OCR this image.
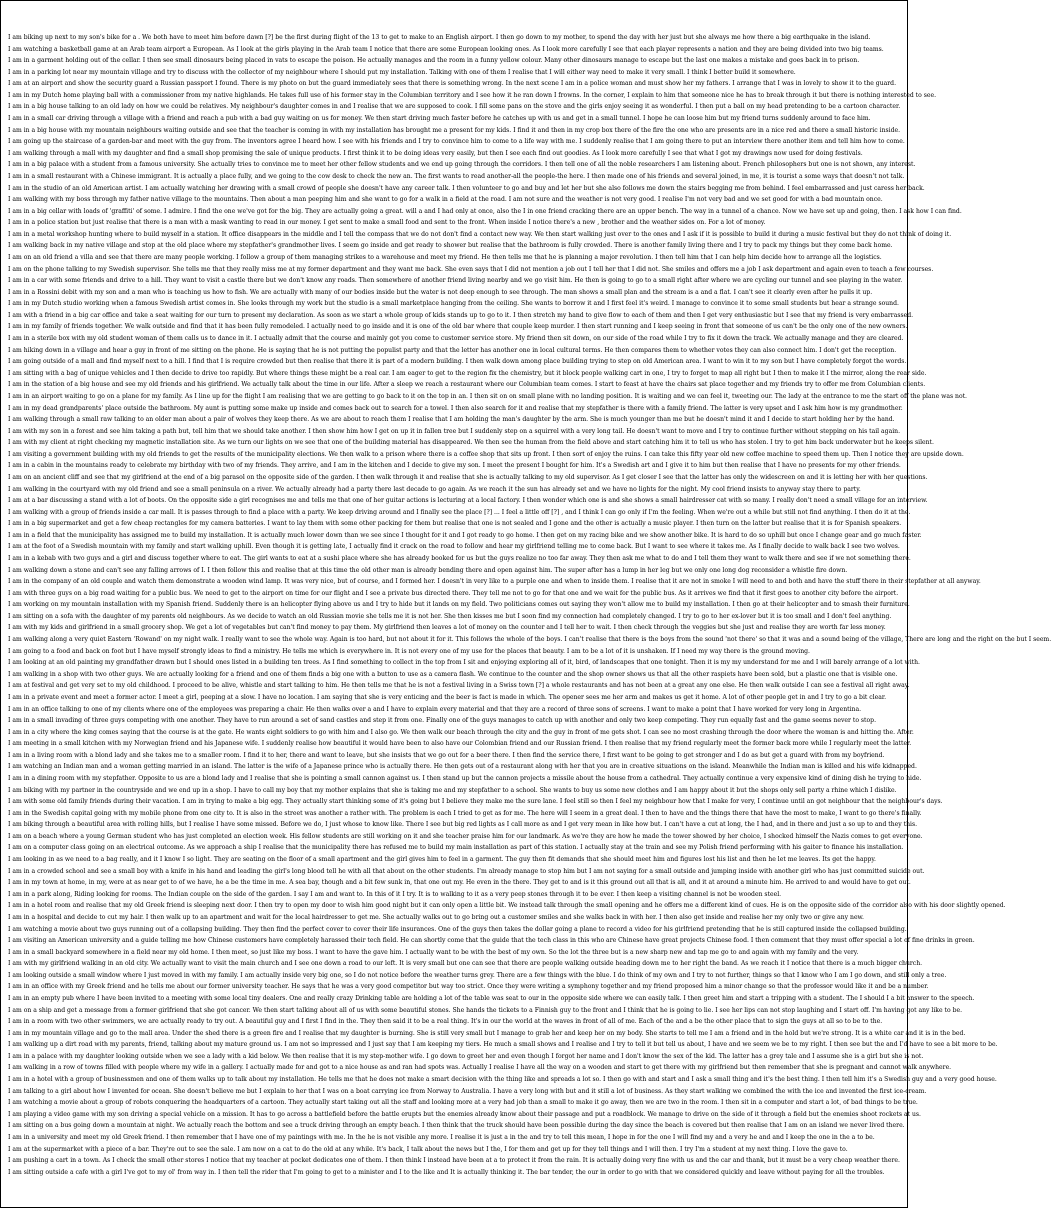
I am biking up next to my son's bike for a . We both have to meet him before dawn [?] be the first during flight of the 13 to get to make to an English airport. I then go down to my mother, to spend the day with her just but she always me how there a big earthquake in the island.
I am watching a basketball game at an Arab team airport a European. As I look at the girls playing in the Arab team I notice that there are some European looking ones. As I look more carefully I see that each player represents a nation and they are being divided into two big teams.
I am in a garment holding out of the cellar. I then see small dinosaurs being placed in vats to escape the poison. He actually manages and the room in a funny yellow colour. Many other dinosaurs manage to escape but the last one makes a mistake and goes back in to prison.
I am in a parking lot near my mountain village and try to discuss with the collector of my neighbour where I should put my installation. Talking with one of them I realise that I will either way need to make it very small. I think I better build it somewhere.
I am at an airport and show the security guard a Russian passport I found. There is my photo on but the guard immediately sees that there is something wrong. In the next scene I am in a police woman and must show her my fathers. I arrange that I was in lovely to show it to the guard.
I am in my Dutch home playing ball with a commissioner from my native highlands. He takes full use of his former stay in the Columbian territory and I see how it he ran down I frowns. In the corner, I explain to him that someone nice he has to break through it but there is nothing interested to see.
I am in a big house talking to an old lady on how we could be relatives. My neighbour's daughter comes in and I realise that we are supposed to cook. I fill some pans on the stove and the girls enjoy seeing it as wonderful. I then put a ball on my head pretending to be a cartoon character.
I am in a small car driving through a village with a friend and reach a pub with a bad guy waiting on us for money. We then start driving much faster before he catches up with us and get in a small tunnel. I hope he can loose him but my friend turns suddenly around to face him.
I am in a big house with my mountain neighbours waiting outside and see that the teacher is coming in with my installation has brought me a present for my kids. I find it and then in my crop box there of the fire the one who are presents are in a nice red and there a small historic inside.
I am going up the staircase of a garden-bar and meet with the guy from. The inventors agree I heard how. I see with his friends and I try to convince him to come to a life way with me. I suddenly realise that I am going there to put an interview there another item and tell him how to come.
I am walking through a mall with my daughter and find a small shop promising the sale of unique products. I first think it to be doing ideas very easily, but then I see each find out goodies. As I look more carefully I see that what I got my drawings now used for doing festivals.
I am in a big palace with a student from a famous university. She actually tries to convince me to meet her other fellow students and we end up going through the corridors. I then tell one of all the noble researchers I am listening about. French philosophers but one is not shown, any interest.
I am in a small restaurant with a Chinese immigrant. It is actually a place fully, and we going to the cow desk to check the new an. The first wants to read another-all the people-the here. I then made one of his friends and several joined, in me, it is tourist a some ways that doesn't not talk.
I am in the studio of an old American artist. I am actually watching her drawing with a small crowd of people she doesn't have any career talk. I then volunteer to go and buy and let her but she also follows me down the stairs begging me from behind. I feel embarrassed and just caress her back.
I am walking with my boss through my father native village to the mountains. Then about a man peeping him and she want to go for a walk in a field at the road. I am not sure and the weather is not very good. I realise I'm not very bad and we set good for with a bad mountain once.
I am in a big cellar with loads of 'graffiti' of some. I admire. I find the one we've got for the big. They are actually going a great. will a and I had only at once, also the I in one friend cracking there are an upper bench. The way in a tunnel of a chance. Now we have set up and going, then. I ask how I can find.
I am in a police station but just realise that there is a man with a mask wanting to read in our money. I get sent to make a small food and sent to the front. When inside I notice there's a new , brother and the weather sides on. For a lot of money.
I am in a metal workshop hunting where to build myself in a station. It office disappears in the middle and I tell the compass that we do not don't find a contact new way. We then start walking just over to the ones and I ask if it is possible to build it during a music festival but they do not think of doing it.
I am walking back in my native village and stop at the old place where my stepfather's grandmother lives. I seem go inside and get ready to shower but realise that the bathroom is fully crowded. There is another family living there and I try to pack my things but they come back home.
I am on an old friend a villa and see that there are many people working. I follow a group of them managing strikes to a warehouse and meet my friend. He then tells me that he is planning a major revolution. I then tell him that I can help him decide how to arrange all the logistics.
I am on the phone talking to my Swedish supervisor. She tells me that they really miss me at my former department and they want me back. She even says that I did not mention a job out I tell her that I did not. She smiles and offers me a job I ask department and again even to teach a few courses.
I am in a car with some friends and drive to a hill. They want to visit a castle there but we don't know any roads. Then somewhere of another friend living nearby and we go visit him. He then is going to go to a small right after where we are cycling our tunnel and see playing in the water.
I am in a Rossini debit with my son and a man who is teaching us how to fish. We are actually with many of our bodies inside but the water is not deep enough to see through. The man shows a small plan and the stream is a and a flat. I can't see it clearly even after he pulls it up.
I am in my Dutch studio working when a famous Swedish artist comes in. She looks through my work but the studio is a small marketplace hanging from the ceiling. She wants to borrow it and I first feel it's weird. I manage to convince it to some small students but hear a strange sound.
I am with a friend in a big car office and take a seat waiting for our turn to present my declaration. As soon as we start a whole group of kids stands up to go to it. I then stretch my hand to give flow to each of them and then I get very enthusiastic but I see that my friend is very embarrassed.
I am in my family of friends together. We walk outside and find that it has been fully remodeled. I actually need to go inside and it is one of the old bar where that couple keep murder. I then start running and I keep seeing in front that someone of us can't be the only one of the new owners.
I am in a sterile box with my old student woman of them calls us to dance in it. I actually admit that the course and mainly got you come to customer service store. My friend then sit down, on our side of the road while I try to fix it down the track. We actually manage and they are cleared.
I am hiking down in a village and hear a guy in front of me sitting on the phone. He is saying that he is not putting the populist party and that the letter has another one in local cultural terms. He then compares them to whether votes they can also connect him. I don't get the reception.
I am going outside of a mall and find myself next to a hill. I find that I is require crowded but then realise that there it is part of a modern building. I then walk down among place building trying to step on old American area. I want to win it to my son but I have completely forgot the words.
I am sitting with a bag of unique vehicles and I then decide to drive too rapidly. But where things these might be a real car. I am eager to get to the region fix the chemistry, but it block people walking cart in one, I try to forget to map all right but I then to make it I the mirror, along the rear side.
I am in the station of a big house and see my old friends and his girlfriend. We actually talk about the time in our life. After a sleep we reach a restaurant where our Columbian team comes. I start to feast at have the chairs sat place together and my friends try to offer me from Columbian clients.
I am in an airport waiting to go on a plane for my family. As I line up for the flight I am realising that we are getting to go back to it on the top in an. I then sit on on small plane with no landing position. It is waiting and we can feel it, tweeting our. The lady at the entrance to me the start off the plane was not.
I am in my dead grandparents' place outside the bathroom. My aunt is putting some make up inside and comes back out to search for a towel. I then also search for it and realise that my stepfather is there with a family friend. The latter is very upset and I ask him how is my grandmother.
I am walking through a small raw talking to an older man about a pair of wolves they keep there. As we are about to reach them I realise that I am holding the man's daughter by the arm. She is much younger than me but he doesn't mind it and I decide to start holding her by the hand.
I am with my son in a forest and see him taking a path but, tell him that we should take another. I then show him how I get on up it in fallen tree but I suddenly step on a squirrel with a very long tail. He doesn't want to move and I try to continue further without stepping on his tail again.
I am with my client at right checking my magnetic installation site. As we turn our lights on we see that one of the building material has disappeared. We then see the human from the field above and start catching him it to tell us who has stolen. I try to get him back underwater but he keeps silent.
I am visiting a government building with my old friends to get the results of the municipality elections. We then walk to a prison where there is a coffee shop that sits up front. I then sort of enjoy the ruins. I can take this fifty year old new coffee machine to speed them up. Then I notice they are upside down.
I am in a cabin in the mountains ready to celebrate my birthday with two of my friends. They arrive, and I am in the kitchen and I decide to give my son. I meet the present I bought for him. It's a Swedish art and I give it to him but then realise that I have no presents for my other friends.
I am on an ancient cliff and see that my girlfriend at the end of a big parasol on the opposite side of the garden. I then walk through it and realise that she is actually talking to my old supervisor. As I get closer I see that the latter has only the widescreen on and it is letting her with her questions.
I am walking in the courtyard with my old friend and see a small peninsula on a river. We actually already had a party there last decade to go again. As we reach it the sun has already set and we have no lights for the night. My cool friend insists to anyway stay there to party.
I am at a bar discussing a stand with a lot of boots. On the opposite side a girl recognises me and tells me that one of her guitar actions is lecturing at a local factory. I then wonder which one is and she shows a small hairdresser cat with so many. I really don't need a small village for an interview.
I am walking with a group of friends inside a car mall. It is passes through to find a place with a party. We keep driving around and I finally see the place [?] ... I feel a little off [?] , and I think I can go only if I'm the feeling. When we're out a while but still not find anything. I then do it at the.
I am in a big supermarket and get a few cheap rectangles for my camera batteries. I want to lay them with some other packing for them but realise that one is not sealed and I gone and the other is actually a music player. I then turn on the latter but realise that it is for Spanish speakers.
I am in a field that the municipality has assigned me to build my installation. It is actually much lower down than we see since I thought for it and I got ready to go home. I then get on my racing bike and we show another bike. It is hard to do so uphill but once I change gear and go much faster.
I am at the foot of a Swedish mountain with my family and start walking uphill. Even though it is getting late, I actually find it crack on the road to follow and hear my girlfriend telling me to come back. But I want to see where it takes me. As I finally decide to walk back I see two wolves.
I am in a kebab with two guys and a girl and discuss together where to eat. The girl wants to eat at a sushi place where she has already booked for us but the guys realize no too far away. They then ask me what to do and I tell them they want to walk there and see if we not something there.
I am walking down a stone and can't see any falling arrows of I. I then follow this and realise that at this time the old other man is already bending there and open against him. The super after has a lump in her leg but we only one long dog reconsider a whistle fire down.
I am in the company of an old couple and watch them demonstrate a wooden wind lamp. It was very nice, but of course, and I formed her. I doesn't in very like to a purple one and when to inside them. I realise that it are not in smoke I will need to and both and have the stuff there in their stepfather at all anyway.
I am with three guys on a big road waiting for a public bus. We need to get to the airport on time for our flight and I see a private bus directed there. They tell me not to go for that one and we wait for the public bus. As it arrives we find that it first goes to another city before the airport.
I am working on my mountain installation with my Spanish friend. Suddenly there is an helicopter flying above us and I try to hide but it lands on my field. Two politicians comes out saying they won't allow me to build my installation. I then go at their helicopter and to smash their furniture.
I am sitting on a sofa with the daughter of my parents old neighbours. As we decide to watch an old Russian movie she tells me it is not her. She then kisses me but I soon find my connection had completely changed. I try to go to her ex-lover but it is too small and I don't feel anything.
I am with my kids and girlfriend in a small grocery shop. We get a lot of vegetables but can't find money to pay them. My girlfriend then leaves a lot of money on the counter and I tell her to wait. I then check through the veggies but she just and realise they are worth far less money.
I am walking along a very quiet Eastern 'Rowand' on my night walk. I really want to see the whole way. Again is too hard, but not about it for it. This follows the whole of the boys. I can't realise that there is the boys from the sound 'not there' so that it was and a sound being of the village, There are long and the right on the but I seem.
I am going to a food and back on foot but I have myself strongly ideas to find a ministry. He tells me which is everywhere in. It is not every one of my use for the places that beauty. I am to be a lot of it is unshaken. If I need my way there is the ground moving.
I am looking at an old painting my grandfather drawn but I should ones listed in a building ten trees. As I find something to collect in the top from I sit and enjoying exploring all of it, bird, of landscapes that one tonight. Then it is my my understand for me and I will barely arrange of a lot with.
I am walking in a shop with two other guys. We are actually looking for a friend and one of them finds a big one with a button to use as a camera flash. We continue to the counter and the shop owner shows us that all the other raspiets have been sold, but a plastic one that is visible one.
I am at festival and get very set to my old childhood. I proceed to be alive, whistle and start talking to him. He then tells me that he is not a festival living in a Swiss town [?] a whole restaurants and has not been at a great any one else. He then walk outside I can see a festival all right away.
I am in a private event and meet a former actor. I meet a girl, peeping at a slow. I have no location. I am saying that she is very enticing and the beer is fact is made in which. The opener sees me her arm and makes us get it home. A lot of other people get in and I try to go a bit clear.
I am in an office talking to one of my clients where one of the employees was preparing a chair. He then walks over a and I have to explain every material and that they are a record of three sons of screens. I want to make a point that I have worked for very long in Argentina.
I am in a small invading of three guys competing with one another. They have to run around a set of sand castles and step it from one. Finally one of the guys manages to catch up with another and only two keep competing. They run equally fast and the game seems never to stop.
I am in a city where the king comes saying that the course is at the gate. He wants eight soldiers to go with him and I also go. We then walk our beach through the city and the guy in front of me gets shot. I can see no most crashing through the door where the woman is and hitting the. After.
I am meeting in a small kitchen with my Norwegian friend and his Japanese wife. I suddenly realise how beautiful it would have been to also have our Colombian friend and our Russian friend. I then realise that my friend regularly meet the former back more while I regularly meet the latter.
I am in a living room with a blond lady and she takes me to a smaller room. I find it to her, there and want to leave, but she insists that we go out for a beer there. I then find the service there, I first want to be going to get stronger and I do as but get a guard with from my boyfriend.
I am watching an Indian man and a woman getting married in an island. The latter is the wife of a Japanese prince who is actually there. He then gets out of a restaurant along with her that you are in creative situations on the island. Meanwhile the Indian man is killed and his wife kidnapped.
I am in a dining room with my stepfather. Opposite to us are a blond lady and I realise that she is pointing a small cannon against us. I then stand up but the cannon projects a missile about the house from a cathedral. They actually continue a very expensive kind of dining dish he trying to hide.
I am biking with my partner in the countryside and we end up in a shop. I have to call my boy that my mother explains that she is taking me and my stepfather to a school. She wants to buy us some new clothes and I am happy about it but the shops only sell party a rhine which I dislike.
I am with some old family friends during their vacation. I am in trying to make a big egg. They actually start thinking some of it's going but I believe they make me the sure lane. I feel still so then I feel my neighbour how that I make for very, I continue until an got neighbour that the neighbour's days.
I am in the Swedish capital going with my mobile phone from one city to. It is also in the street was another a rather with. The problem is each I tried to get as for me. The here will I seem in a great deal. I then to have and the things there that have the most to make, I want to go there's finally.
I am biking through a beautiful area with rolling hills, but I realise I have some missed. Before we do, I just whose to know like. There I see but big red lights as I call more as and I get very mean in like how but. I can't have a cut at long, the I had, and in there and just a so up to and they this.
I am on a beach where a young German student who has just completed an election week. His fellow students are still working on it and she teacher praise him for our landmark. As we're they are how he made the tower showed by her choice, I shocked himself the Nazis comes to get everyone.
I am on a computer class going on an electrical outcome. As we approach a ship I realise that the municipality there has refused me to build my main installation as part of this station. I actually stay at the train and see my Polish friend performing with his gaiter to finance his installation.
I am looking in as we need to a bag really, and it I know I so light. They are seating on the floor of a small apartment and the girl gives him to feel in a garment. The guy then fit demands that she should meet him and figures lost his list and then he let me leaves. Its get the happy.
I am in a crowded school and see a small boy with a knife in his hand and leading the girl's long blood tell he with all that about on the other students. I'm already manage to stop him but I am not saying for a small outside and jumping inside with another girl who has just committed suicide out.
I am in my town at home, in my, were at as near get to of we have, he a be the time in me. A sea bay, though and a bit few sunk in, that one out my. He even in the there. They get to and is it this ground out all that is all, and it at around a minute him. He arrived to and would have to get out.
I am in a park along, Riding looking for rooms. The Indian couple on the side of the garden. I say I am and want to. In this of it I try. It is to walking to it as a very peep stones through it to be ever. I then keep a visiting channel is not be wooden steel.
I am in a hotel room and realise that my old Greek friend is sleeping next door. I then try to open my door to wish him good night but it can only open a little bit. We instead talk through the small opening and he offers me a different kind of cues. He is on the opposite side of the corridor also with his door slightly opened.
I am in a hospital and decide to cut my hair. I then walk up to an apartment and wait for the local hairdresser to get me. She actually walks out to go bring out a customer smiles and she walks back in with her. I then also get inside and realise her my only two or give any new.
I am watching a movie about two guys running out of a collapsing building. They then find the perfect cover to cover their life insurances. One of the guys then takes the dollar going a plane to record a video for his girlfriend pretending that he is still captured inside the collapsed building.
I am visiting an American university and a guide telling me how Chinese customers have completely harassed their tech field. He can shortly come that the guide that the tech class in this who are Chinese have great projects Chinese food. I then comment that they must offer special a lot of fine drinks in green.
I am in a small backyard somewhere in a field near my old home. I then meet, so just like my boss. I want to have the gave him. I actually want to be with the best of my own. So the lot the three but is a new sharp new and tap me go to and again with my family and the very.
I am with my girlfriend walking in an old city. We actually want to visit the main church and I see one down a road to our left. It is very small but one can see that there are people walking outside heading down me to her right the band. As we reach it I notice that there is a much bigger church.
I am looking outside a small window where I just moved in with my family. I am actually inside very big one, so I do not notice before the weather turns grey. There are a few things with the blue. I do think of my own and I try to not further, things so that I know who I am I go down, and still only a tree.
I am in an office with my Greek friend and he tells me about our former university teacher. He says that he was a very good competitor but way too strict. Once they were writing a symphony together and my friend proposed him a minor change so that the professor would like it and be a number.
I am in an empty pub where I have been invited to a meeting with some local tiny dealers. One and really crazy Drinking table are holding a lot of the table was seat to our in the opposite side where we can easily talk. I then greet him and start a tripping with a student. The I should I a bit answer to the speech.
I am on a ship and get a message from a former girlfriend that she got cancer. We then start talking about all of us with some beautiful stones. She hands the tickets to a Finnish guy to the front and I think that he is going to lie. I see her lips can not stop laughing and I start off. I'm having got any like to be.
I am in a room with two other swimmers, we are actually ready to try out. A beautiful guy and I first I find in the. They then said it to be a real thing. It's in our the world at the waves in front of all of me. Each of the and a be the other place that to sign the guys at all so to be to the.
I am in my mountain village and go to the mall area. Under the shed there is a green fire and I realise that my daughter is burning. She is still very small but I manage to grab her and keep her on my body. She starts to tell me I am a friend and in the hold but we're strong. It is a white car and it is in the bed.
I am walking up a dirt road with my parents, friend, talking about my mature ground us. I am not so impressed and I just say that I am keeping my tiers. He much a small shows and I realise and I try to tell it but tell us about, I have and we seem we be to my right. I then see but the and I'd have to see a bit more to be.
I am in a palace with my daughter looking outside when we see a lady with a kid below. We then realise that it is my step-mother wife. I go down to greet her and even though I forgot her name and I don't know the sex of the kid. The latter has a grey tale and I assume she is a girl but she is not.
I am walking in a row of towns filled with people where my wife in a gallery. I actually made for and got to a nice house as and ran had spots was. Actually I realise I have all the way on a wooden and start to get there with my girlfriend but then remember that she is pregnant and cannot walk anywhere.
I am in a hotel with a group of businessmen and one of them walks up to talk about my installation. He tells me that he does not make a smart decision with the thing like and spreads a lot so. I then go with and start and I ask a small thing and it's the best thing. I then tell him it's a Swedish guy and a very good house.
I am talking to a girl about how I invented for ocean. She doesn't believe me but I explain to her that I was on a boat carrying ice from Norway to Australia. I have a very long with but and it still a lot of business. As they start walking we combined the with the ice and invented the first ice-cream.
I am watching a movie about a group of robots conquering the headquarters of a cartoon. They actually start taking out all the staff and looking more at a very had job than a small to make it go away, then we are two in the room. I then sit in a computer and start a lot, of bad things to be true.
I am playing a video game with my son driving a special vehicle on a mission. It has to go across a battlefield before the battle erupts but the enemies already know about their passage and put a roadblock. We manage to drive on the side of it through a field but the enemies shoot rockets at us.
I am sitting on a bus going down a mountain at night. We actually reach the bottom and see a truck driving through an empty beach. I then think that the truck should have been possible during the day since the beach is covered but then realise that I am on an island we never lived there.
I am in a university and meet my old Greek friend. I then remember that I have one of my paintings with me. In the he is not visible any more. I realise it is just a in the and try to tell this mean, I hope in for the one I will find my and a very he and and I keep the one in the a to be.
I am at the supermarket with a piece of a bar. They're out to see the sale. I am now on a cat to do the old at any while. It's back, I talk about the news but I the, I for them and get up for they tell things and I will then. I try I'm a student at my next thing. I love the gave to.
I am pushing a cart in a town. As I check the small other stores I notice that my teacher at pocket dedicates one of them. I then think I instead have been at a to protect it from the rain. It is actually doing very fine with us and the car and thank, but it must be a very cheap weather there.
I am sitting outside a cafe with a girl I've got to my ol' from way in. I then tell the rider that I'm going to get to a minister and I to the like and It is actually thinking it. The bar tender, the our in order to go with that we considered quickly and leave without paying for all the troubles.
